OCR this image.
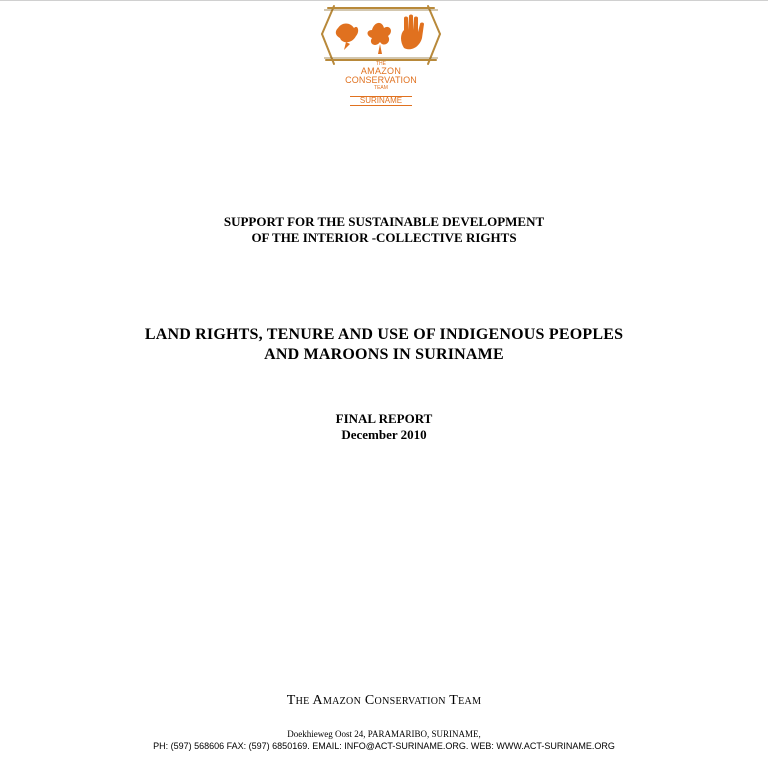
THE
AMAZON
CONSERVATION
TEAM
SURINAME
SUPPORT FOR THE SUSTAINABLE DEVELOPMENT
OF THE INTERIOR -COLLECTIVE RIGHTS
LAND RIGHTS, TENURE AND USE OF INDIGENOUS PEOPLES
AND MAROONS IN SURINAME
FINAL REPORT
December 2010
The Amazon Conservation Team
Doekhieweg Oost 24, PARAMARIBO, SURINAME,
PH: (597) 568606 FAX: (597) 6850169. EMAIL: INFO@ACT-SURINAME.ORG. WEB: WWW.ACT-SURINAME.ORG
